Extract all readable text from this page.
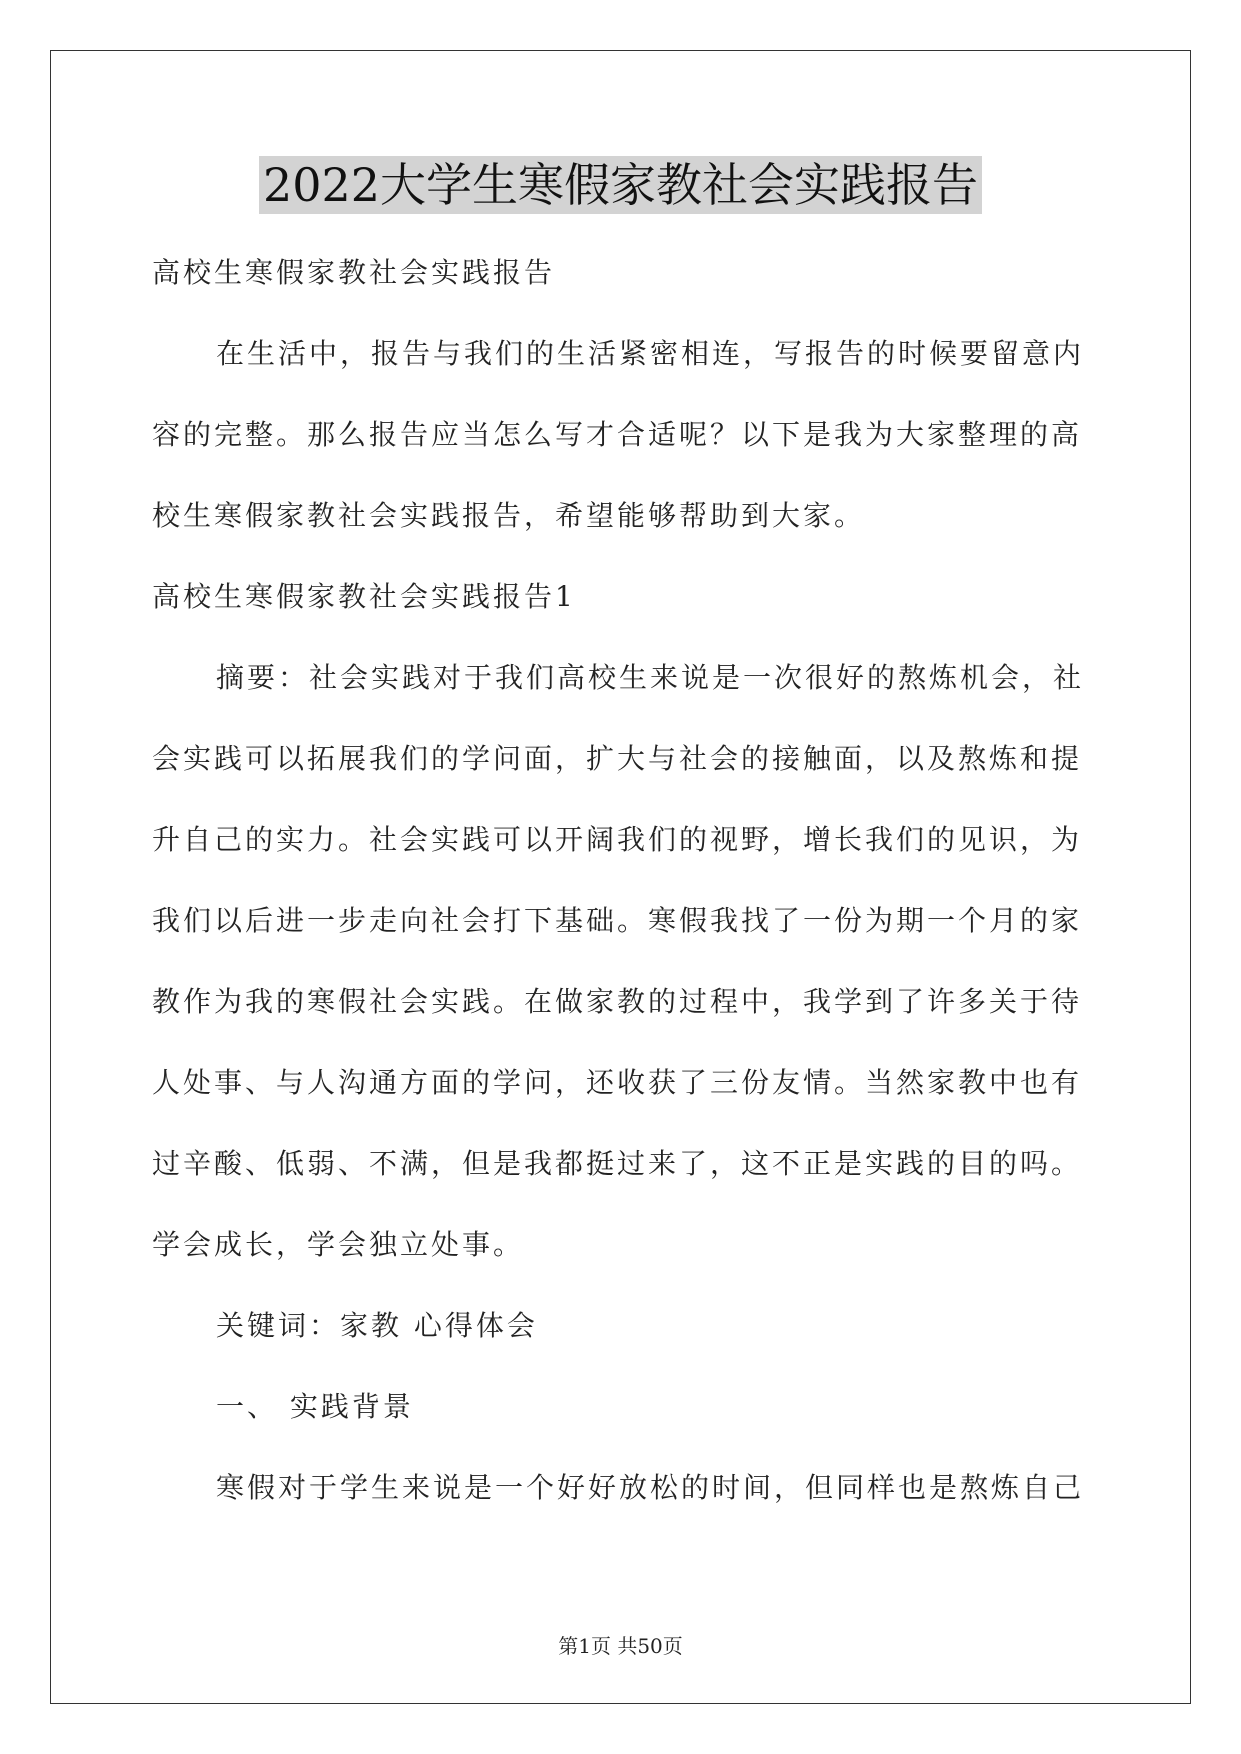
2022大学生寒假家教社会实践报告

高校生寒假家教社会实践报告

在生活中，报告与我们的生活紧密相连，写报告的时候要留意内容的完整。那么报告应当怎么写才合适呢？以下是我为大家整理的高校生寒假家教社会实践报告，希望能够帮助到大家。

高校生寒假家教社会实践报告1

摘要：社会实践对于我们高校生来说是一次很好的熬炼机会，社会实践可以拓展我们的学问面，扩大与社会的接触面，以及熬炼和提升自己的实力。社会实践可以开阔我们的视野，增长我们的见识，为我们以后进一步走向社会打下基础。寒假我找了一份为期一个月的家教作为我的寒假社会实践。在做家教的过程中，我学到了许多关于待人处事、与人沟通方面的学问，还收获了三份友情。当然家教中也有过辛酸、低弱、不满，但是我都挺过来了，这不正是实践的目的吗。学会成长，学会独立处事。

关键词：家教 心得体会

一、 实践背景

寒假对于学生来说是一个好好放松的时间，但同样也是熬炼自己

第1页 共50页
